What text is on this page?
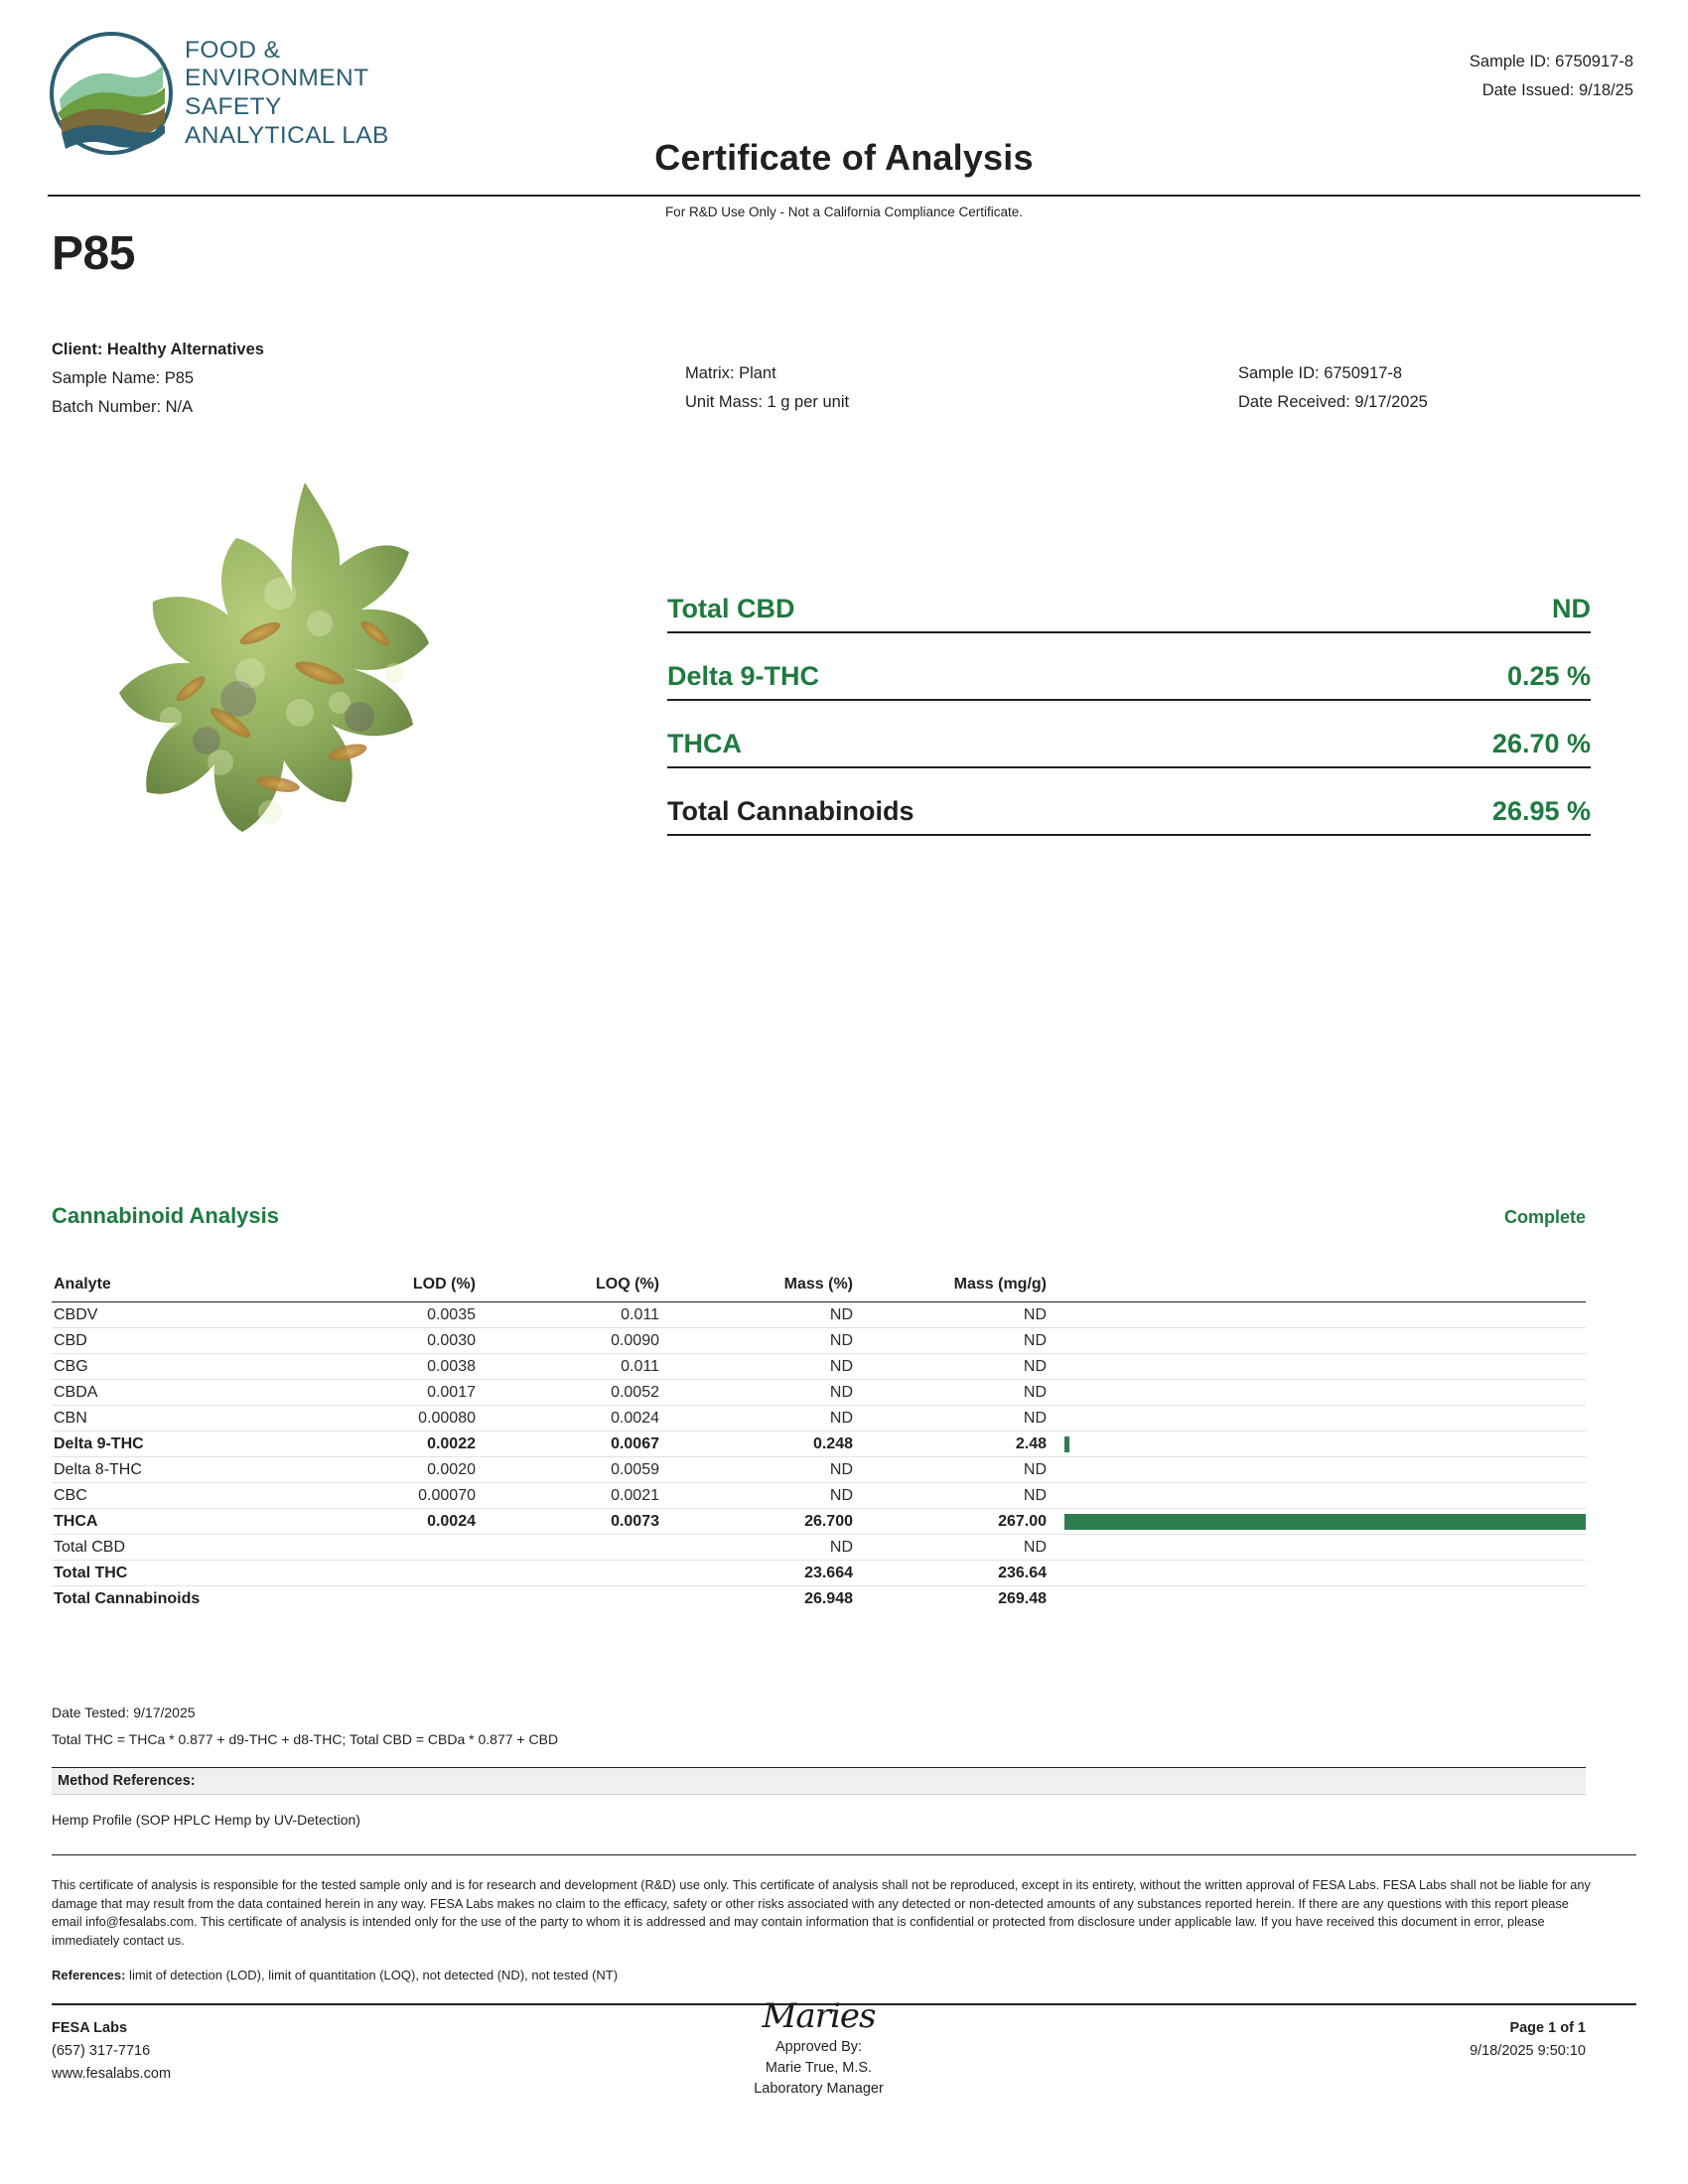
FOOD &
ENVIRONMENT
SAFETY
ANALYTICAL LAB
Certificate of Analysis
Sample ID: 6750917-8
Date Issued: 9/18/25
For R&D Use Only - Not a California Compliance Certificate.
P85
Client: Healthy Alternatives
Sample Name: P85
Batch Number: N/A
Matrix: Plant
Unit Mass: 1 g per unit
Sample ID: 6750917-8
Date Received: 9/17/2025
Total CBD	ND
Delta 9-THC	0.25 %
THCA	26.70 %
Total Cannabinoids	26.95 %
Cannabinoid Analysis	Complete
Analyte	LOD (%)	LOQ (%)	Mass (%)	Mass (mg/g)	
CBDV	0.0035	0.011	ND	ND	
CBD	0.0030	0.0090	ND	ND	
CBG	0.0038	0.011	ND	ND	
CBDA	0.0017	0.0052	ND	ND	
CBN	0.00080	0.0024	ND	ND	
Delta 9-THC	0.0022	0.0067	0.248	2.48	

Delta 8-THC	0.0020	0.0059	ND	ND	
CBC	0.00070	0.0021	ND	ND	
THCA	0.0024	0.0073	26.700	267.00	

Total CBD			ND	ND	
Total THC			23.664	236.64	
Total Cannabinoids			26.948	269.48	
Date Tested: 9/17/2025
Total THC = THCa * 0.877 + d9-THC + d8-THC; Total CBD = CBDa * 0.877 + CBD
Method References:
Hemp Profile (SOP HPLC Hemp by UV-Detection)
This certificate of analysis is responsible for the tested sample only and is for research and development (R&D) use only. This certificate of analysis shall not be reproduced, except in its entirety, without the written approval of FESA Labs. FESA Labs shall not be liable for any damage that may result from the data contained herein in any way. FESA Labs makes no claim to the efficacy, safety or other risks associated with any detected or non-detected amounts of any substances reported herein. If there are any questions with this report please email info@fesalabs.com. This certificate of analysis is intended only for the use of the party to whom it is addressed and may contain information that is confidential or protected from disclosure under applicable law. If you have received this document in error, please immediately contact us.
References: limit of detection (LOD), limit of quantitation (LOQ), not detected (ND), not tested (NT)
FESA Labs
(657) 317-7716
www.fesalabs.com
Maries
Approved By:
Marie True, M.S.
Laboratory Manager
Page 1 of 1
9/18/2025 9:50:10
